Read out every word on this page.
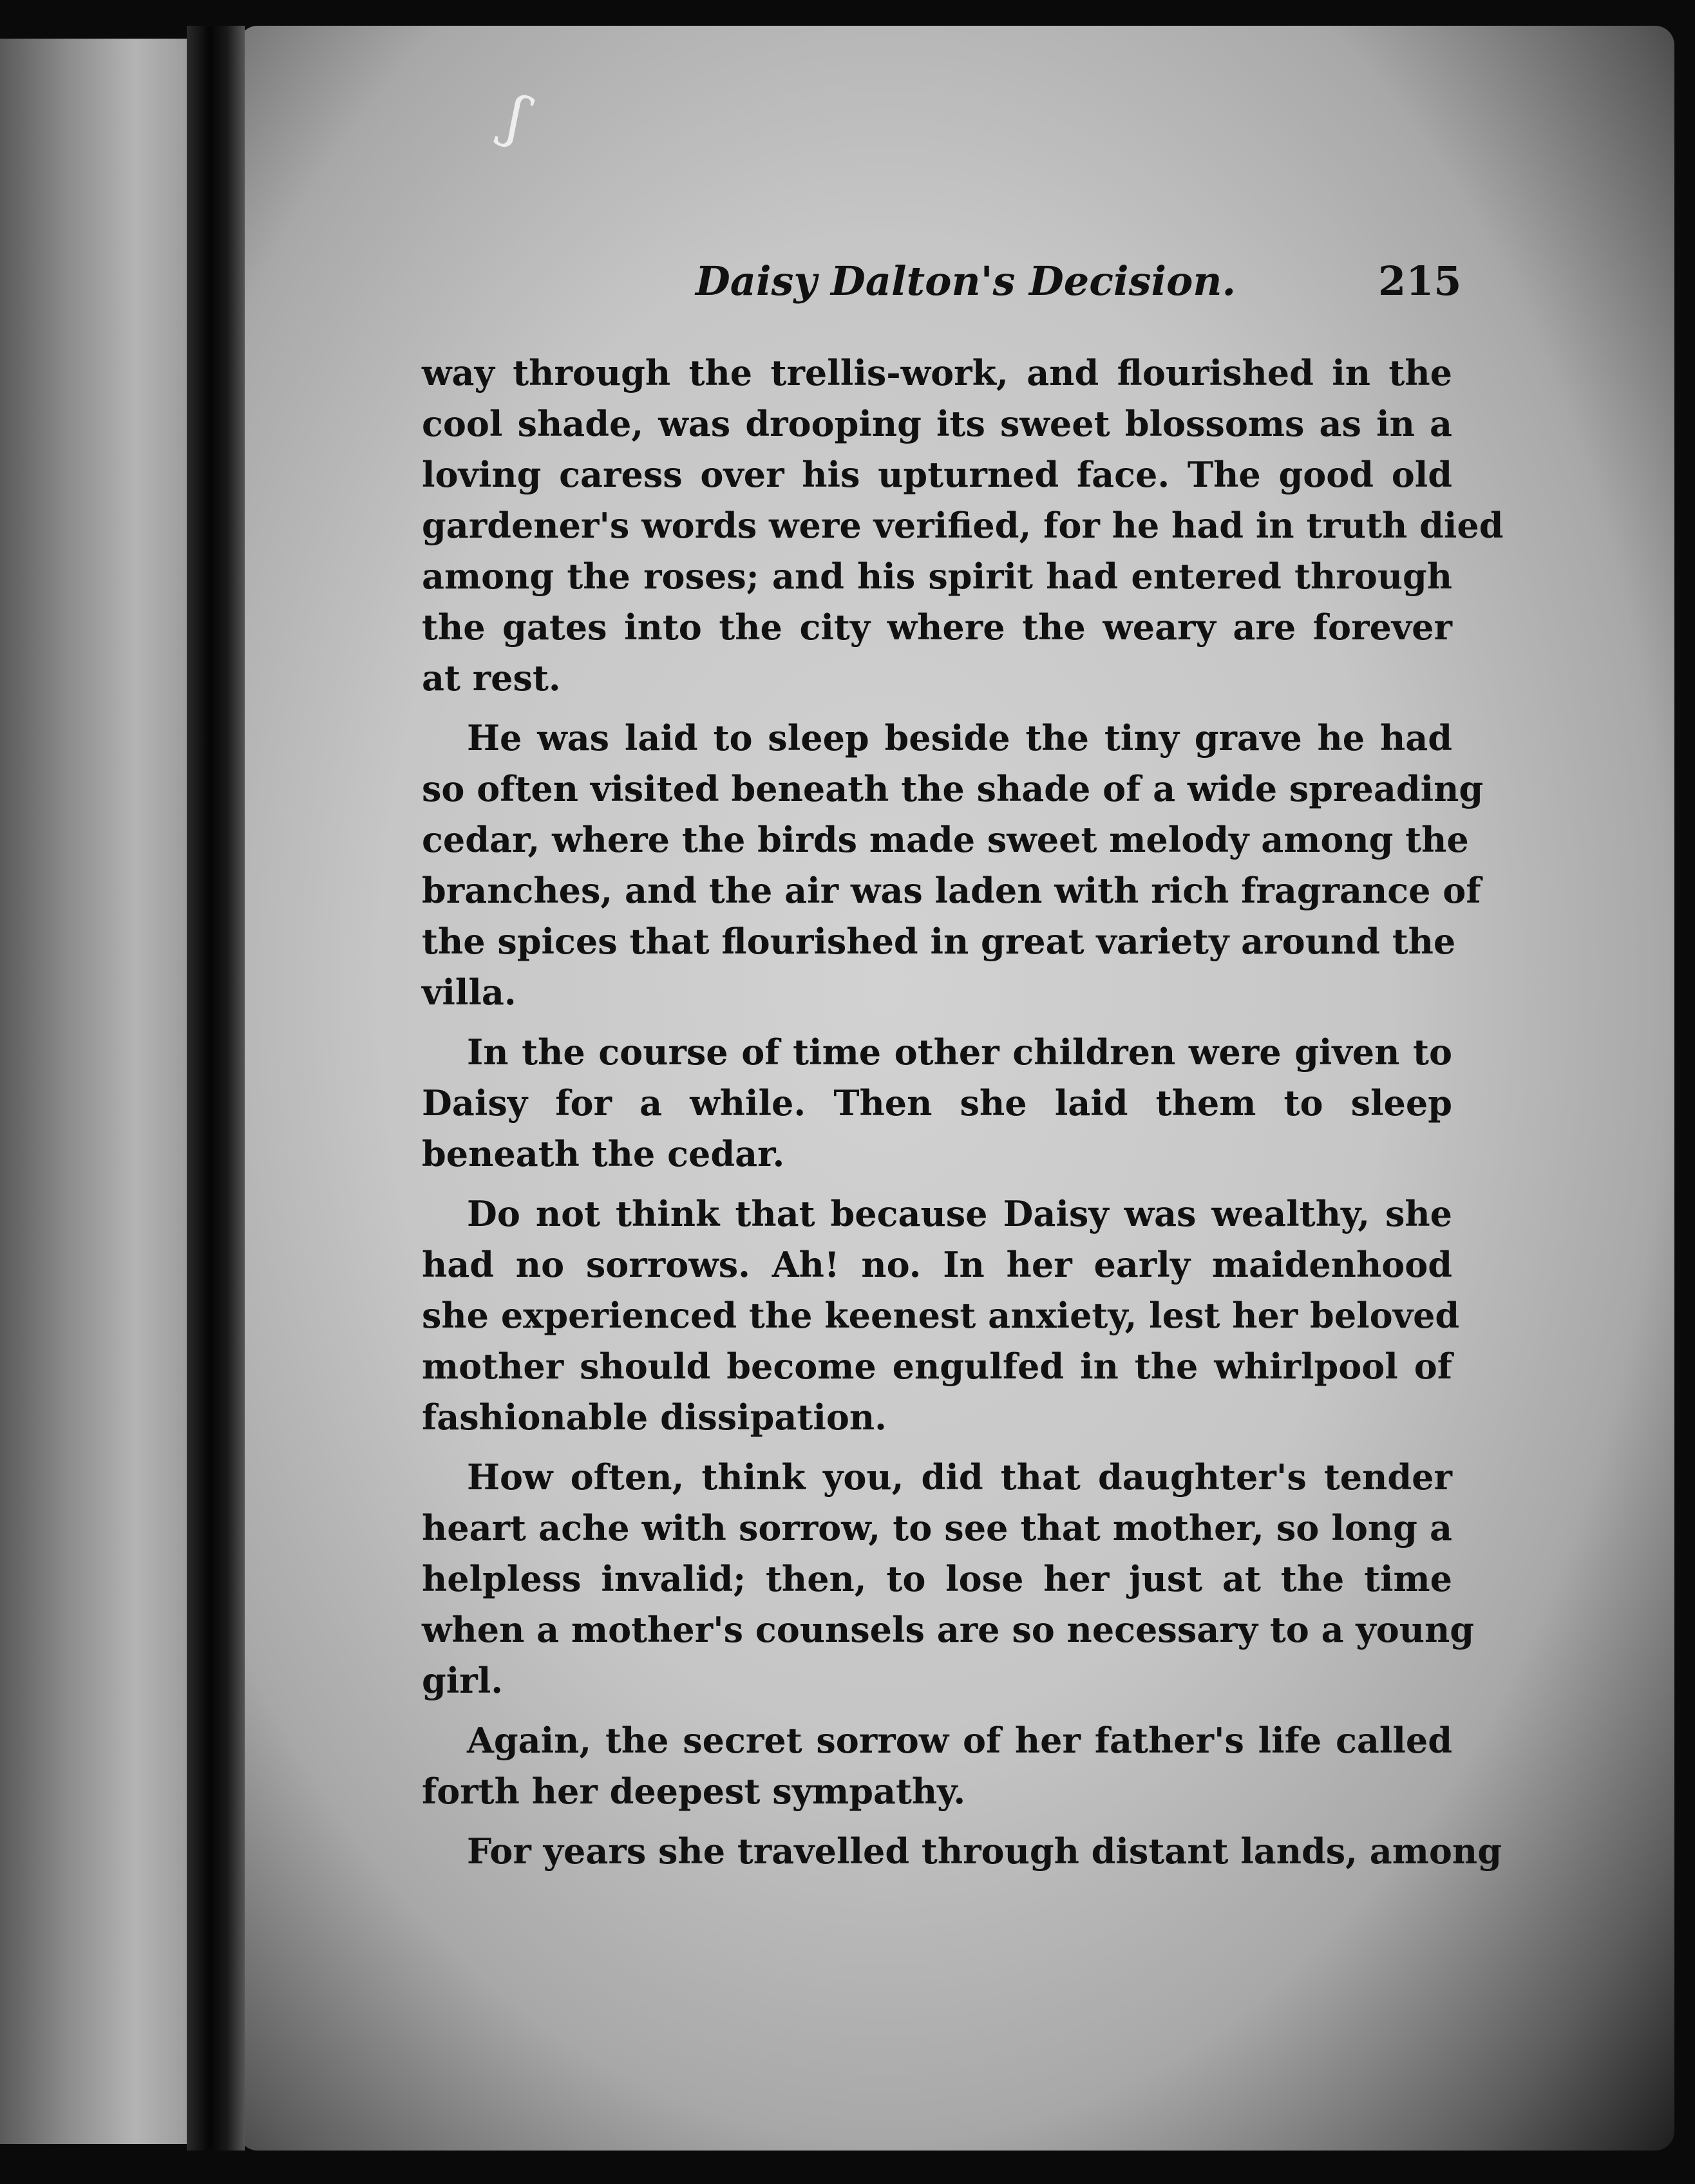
ʃ
Daisy Dalton's Decision.	215
way through the trellis-work, and flourished in the
cool shade, was drooping its sweet blossoms as in a
loving caress over his upturned face. The good old
gardener's words were verified, for he had in truth died
among the roses; and his spirit had entered through
the gates into the city where the weary are forever
at rest.
He was laid to sleep beside the tiny grave he had
so often visited beneath the shade of a wide spreading
cedar, where the birds made sweet melody among the
branches, and the air was laden with rich fragrance of
the spices that flourished in great variety around the
villa.
In the course of time other children were given to
Daisy for a while. Then she laid them to sleep
beneath the cedar.
Do not think that because Daisy was wealthy, she
had no sorrows. Ah! no. In her early maidenhood
she experienced the keenest anxiety, lest her beloved
mother should become engulfed in the whirlpool of
fashionable dissipation.
How often, think you, did that daughter's tender
heart ache with sorrow, to see that mother, so long a
helpless invalid; then, to lose her just at the time
when a mother's counsels are so necessary to a young
girl.
Again, the secret sorrow of her father's life called
forth her deepest sympathy.
For years she travelled through distant lands, among
